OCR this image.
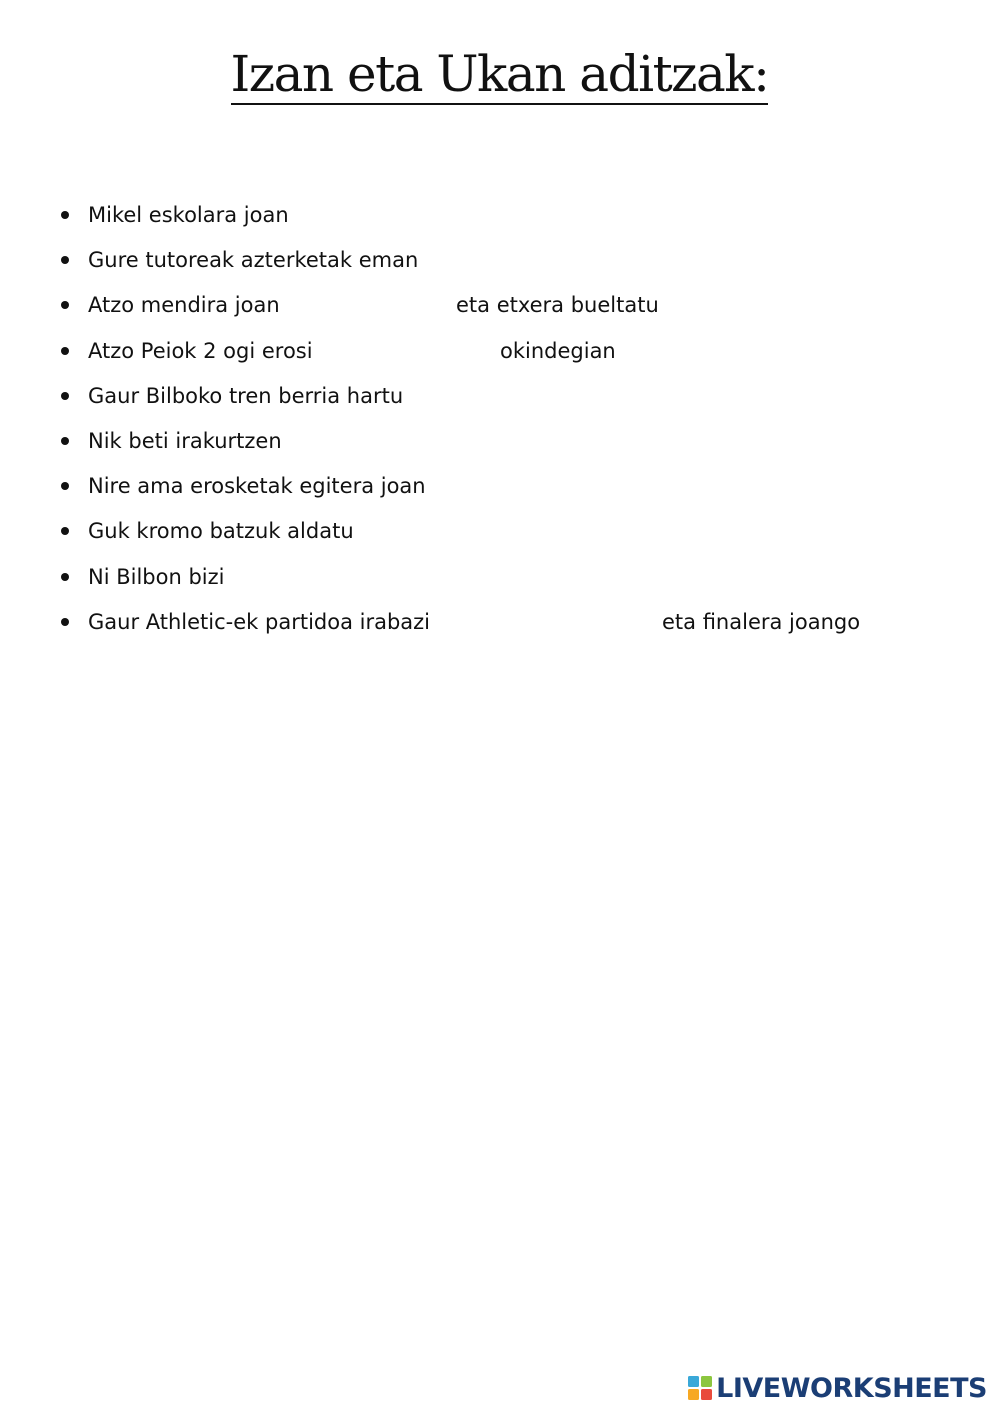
Izan eta Ukan aditzak:
Mikel eskolara joan
Gure tutoreak azterketak eman
Atzo mendira joan	eta etxera bueltatu
Atzo Peiok 2 ogi erosi	okindegian
Gaur Bilboko tren berria hartu
Nik beti irakurtzen
Nire ama erosketak egitera joan
Guk kromo batzuk aldatu
Ni Bilbon bizi
Gaur Athletic-ek partidoa irabazi	eta finalera joango
LIVEWORKSHEETS
